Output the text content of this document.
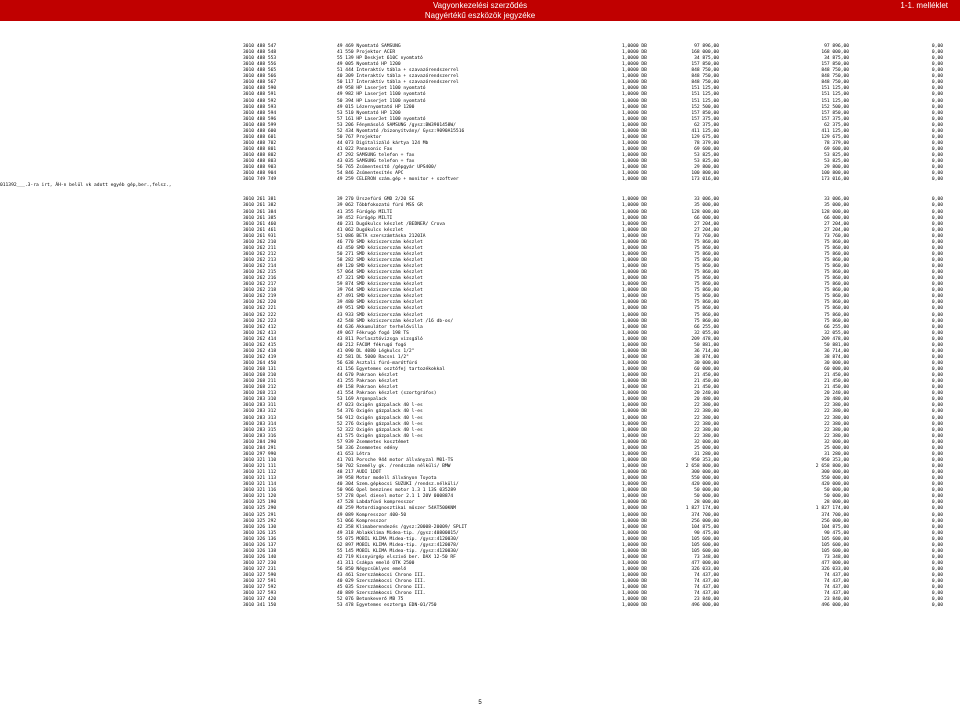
Vagyonkezelési szerződés
Nagyértékű eszközök jegyzéke
1-1. melléklet
3010 488 547	49 469 Nyomtató SAMSUNG	1,0000 DB	97 896,00	97 896,00	0,00
3010 488 548	41 550 Projektor ACER	1,0000 DB	168 000,00	168 000,00	0,00
3010 488 553	55 139 HP Deskjet 610C nyomtató	1,0000 DB	34 875,00	34 875,00	0,00
3010 488 556	49 005 Nyomtató HP 1200	1,0000 DB	157 850,00	157 850,00	0,00
3010 488 565	51 444 Interaktív tábla + szavazórendszerrel	1,0000 DB	848 750,00	848 750,00	0,00
3010 488 566	40 309 Interaktív tábla + szavazórendszerrel	1,0000 DB	848 750,00	848 750,00	0,00
3010 488 567	50 117 Interaktív tábla + szavazórendszerrel	1,0000 DB	848 750,00	848 750,00	0,00
3010 488 590	49 958 HP Laserjet 1100 nyomtató	1,0000 DB	151 125,00	151 125,00	0,00
3010 488 591	49 982 HP Laserjet 1100 nyomtató	1,0000 DB	151 125,00	151 125,00	0,00
3010 488 592	50 394 HP Laserjet 1100 nyomtató	1,0000 DB	151 125,00	151 125,00	0,00
3010 488 593	49 015 Lézernyomtató HP 1200	1,0000 DB	152 500,00	152 500,00	0,00
3010 488 594	53 510 Nyomtató HP 1200	1,0000 DB	157 850,00	157 850,00	0,00
3010 488 596	57 161 HP LaserJet 1100 nyomtató	1,0000 DB	157 375,00	157 375,00	0,00
3010 488 599	53 206 Fénymásoló SAMSUNG /gysz:BW3901458W/	1,0000 DB	62 375,00	62 375,00	0,00
3010 488 600	52 434 Nyomtató /bizonyítvány/ Gysz:9090A15516	1,0000 DB	411 125,00	411 125,00	0,00
3010 488 601	50 767 Projektor	1,0000 DB	129 675,00	129 675,00	0,00
3010 488 702	44 073 Digitalizáló kártya 124 Mb	1,0000 DB	78 379,00	78 379,00	0,00
3010 488 801	41 022 Panasonic Fax	1,0000 DB	69 600,00	69 600,00	0,00
3010 488 802	47 292 SAMSUNG telefon + fax	1,0000 DB	53 825,00	53 825,00	0,00
3010 488 803	43 035 SAMSUNG telefon + fax	1,0000 DB	53 825,00	53 825,00	0,00
3010 488 903	56 765 Zsűmentesítő /gépgyár UPS400/	1,0000 DB	29 800,00	29 800,00	0,00
3010 488 904	54 846 Zsűmentesítés APC	1,0000 DB	100 800,00	100 800,00	0,00
3010 749 749	49 259 CELERON szám.gép + monitor + szoftver	1,0000 DB	173 016,00	173 016,00	0,00
3010 261 381	39 270 Úrszefúró GMD 2/20 SE	1,0000 DB	33 006,00	33 006,00	0,00
3010 261 382	39 062 Többfokozatú fúró MSS GR	1,0000 DB	35 000,00	35 000,00	0,00
3010 261 384	41 355 Fúrógép MILTI	1,0000 DB	128 000,00	128 000,00	0,00
3010 261 385	39 452 Fúrógép MILTI	1,0000 DB	66 000,00	66 000,00	0,00
3010 261 460	40 231 Dugókulcs készlet /BEDNER/ Crova	1,0000 DB	27 204,00	27 204,00	0,00
3010 261 461	41 062 Dugókulcs készlet	1,0000 DB	27 204,00	27 204,00	0,00
3010 261 931	51 086 BETA szerszámtáska 2120IA	1,0000 DB	73 760,00	73 760,00	0,00
3010 262 210	46 770 SMD kéziszerszám készlet	1,0000 DB	75 860,00	75 860,00	0,00
3010 262 211	43 450 SMD kéziszerszám készlet	1,0000 DB	75 860,00	75 860,00	0,00
3010 262 212	50 271 SMD kéziszerszám készlet	1,0000 DB	75 860,00	75 860,00	0,00
3010 262 213	58 282 SMD kéziszerszám készlet	1,0000 DB	75 860,00	75 860,00	0,00
3010 262 214	49 120 SMD kéziszerszám készlet	1,0000 DB	75 860,00	75 860,00	0,00
3010 262 215	57 064 SMD kéziszerszám készlet	1,0000 DB	75 860,00	75 860,00	0,00
3010 262 216	47 321 SMD kéziszerszám készlet	1,0000 DB	75 860,00	75 860,00	0,00
3010 262 217	59 874 SMD kéziszerszám készlet	1,0000 DB	75 860,00	75 860,00	0,00
3010 262 218	39 764 SMD kéziszerszám készlet	1,0000 DB	75 860,00	75 860,00	0,00
3010 262 219	47 491 SMD kéziszerszám készlet	1,0000 DB	75 860,00	75 860,00	0,00
3010 262 220	39 480 SMD kéziszerszám készlet	1,0000 DB	75 860,00	75 860,00	0,00
3010 262 221	49 951 SMD kéziszerszám készlet	1,0000 DB	75 860,00	75 860,00	0,00
3010 262 222	43 933 SMD kéziszerszám készlet	1,0000 DB	75 860,00	75 860,00	0,00
3010 262 223	42 548 SMD kéziszerszám készlet /16 db-os/	1,0000 DB	75 860,00	75 860,00	0,00
3010 262 412	44 636 Akkumulátor terhelővilla	1,0000 DB	66 255,00	66 255,00	0,00
3010 262 413	49 067 Fékrugó fogó 198 TS	1,0000 DB	32 055,00	32 055,00	0,00
3010 262 414	43 811 Porlasztóvizsga vizsgáló	1,0000 DB	209 478,00	209 478,00	0,00
3010 262 415	40 212 FACOM fékrugó fogó	1,0000 DB	50 881,00	50 881,00	0,00
3010 262 418	41 090 DL 4080 Légkulcs 1/2"	1,0000 DB	36 714,00	36 714,00	0,00
3010 262 419	42 581 DL 5000 Racsni 1/2"	1,0000 DB	38 874,00	38 874,00	0,00
3010 264 450	56 638 Asztali fúró-marótfúró	1,0000 DB	30 000,00	30 000,00	0,00
3010 268 131	41 156 Egyetemes osztófej tartozékokkal	1,0000 DB	60 000,00	60 000,00	0,00
3010 268 210	44 670 Pakraon készlet	1,0000 DB	21 450,00	21 450,00	0,00
3010 268 211	41 255 Pakraon készlet	1,0000 DB	21 450,00	21 450,00	0,00
3010 268 212	49 158 Pakraon készlet	1,0000 DB	21 450,00	21 450,00	0,00
3010 268 213	41 554 Pakraon készlet (szortgráfos)	1,0000 DB	20 240,00	20 240,00	0,00
3010 283 310	53 169 Argonpalack	1,0000 DB	20 480,00	20 480,00	0,00
3010 283 311	47 023 Oxigén gázpalack 40 l-es	1,0000 DB	22 380,00	22 380,00	0,00
3010 283 312	54 376 Oxigén gázpalack 40 l-es	1,0000 DB	22 380,00	22 380,00	0,00
3010 283 313	56 912 Oxigén gázpalack 40 l-es	1,0000 DB	22 380,00	22 380,00	0,00
3010 283 314	52 276 Oxigén gázpalack 40 l-es	1,0000 DB	22 380,00	22 380,00	0,00
3010 283 315	52 322 Oxigén gázpalack 40 l-es	1,0000 DB	22 380,00	22 380,00	0,00
3010 283 316	41 575 Oxigén gázpalack 40 l-es	1,0000 DB	22 380,00	22 380,00	0,00
3010 284 290	57 939 Zsemmetes kosztémet	1,0000 DB	32 000,00	32 000,00	0,00
3010 284 291	58 336 Zsemmetes edény	1,0000 DB	25 000,00	25 000,00	0,00
3010 297 990	41 653 Létra	1,0000 DB	31 280,00	31 280,00	0,00
3010 321 110	41 701 Porsche 944 motor állványzal M01-TS	1,0000 DB	950 353,00	950 353,00	0,00
3010 321 111	50 702 Személy gk. /rendszám nélküli/ BMW	1,0000 DB	2 658 800,00	2 658 800,00	0,00
3010 321 112	48 217 AUDI 1DOT	1,0000 DB	300 000,00	300 000,00	0,00
3010 321 113	39 958 Motor modell állványon Toyota	1,0000 DB	550 000,00	550 000,00	0,00
3010 321 114	40 304 Szem.gépkocsi SUZUKI /rendsz.nélküli/	1,0000 DB	420 000,00	420 000,00	0,00
3010 321 116	50 966 Opel benzines motor 1.3 1 13S 035289	1,0000 DB	50 000,00	50 000,00	0,00
3010 321 120	57 278 Opel diesel motor 2.1 1 20V 0008874	1,0000 DB	50 000,00	50 000,00	0,00
3010 325 190	47 528 Labdafúvó kompresszor	1,0000 DB	28 000,00	28 000,00	0,00
3010 325 290	48 259 Motordiagnosztikai műszer 54AT500KNM	1,0000 DB	1 827 174,00	1 827 174,00	0,00
3010 325 291	49 089 Kompresszor 400-50	1,0000 DB	374 700,00	374 700,00	0,00
3010 325 292	51 066 Kompresszor	1,0000 DB	256 000,00	256 000,00	0,00
3010 326 130	42 358 Klimaberendezés /gysz:20008-20009/ SPLIT	1,0000 DB	104 875,00	104 875,00	0,00
3010 326 135	49 318 Ablakklíma Midea-tip. /gysz:40800015/	1,0000 DB	90 475,00	90 475,00	0,00
3010 326 136	55 075 MOBIL KLIMA Midea-tip. /gysz:4120030/	1,0000 DB	105 600,00	105 600,00	0,00
3010 326 137	62 897 MOBIL KLIMA Midea-tip. /gysz:4120078/	1,0000 DB	105 600,00	105 600,00	0,00
3010 326 138	55 145 MOBIL KLIMA Midea-tip. /gysz:4120030/	1,0000 DB	105 600,00	105 600,00	0,00
3010 326 140	42 719 Kisnyúrgép elszívó ber. DAX 12-50 RF	1,0000 DB	73 348,00	73 348,00	0,00
3010 327 230	41 311 Csákpa emelő OTK 2500	1,0000 DB	477 000,00	477 000,00	0,00
3010 327 231	56 850 Négycsüklyes emelő	1,0000 DB	326 033,00	326 033,00	0,00
3010 327 590	43 461 Szerszámkocsi Chrono III.	1,0000 DB	74 437,00	74 437,00	0,00
3010 327 591	40 029 Szerszámkocsi Chrono III.	1,0000 DB	74 437,00	74 437,00	0,00
3010 327 592	45 035 Szerszámkocsi Chrono III.	1,0000 DB	74 437,00	74 437,00	0,00
3010 327 593	40 889 Szerszámkocsi Chrono III.	1,0000 DB	74 437,00	74 437,00	0,00
3010 337 420	52 076 Betonkeverő MB 75	1,0000 DB	23 840,00	23 840,00	0,00
3010 341 150	53 478 Egyetemes esztergа EDN-01/750	1,0000 DB	496 000,00	496 000,00	0,00
011392___.3-ra irt, ÁH-n belül vk adott egyéb gép,ber.,felsz.,
5
